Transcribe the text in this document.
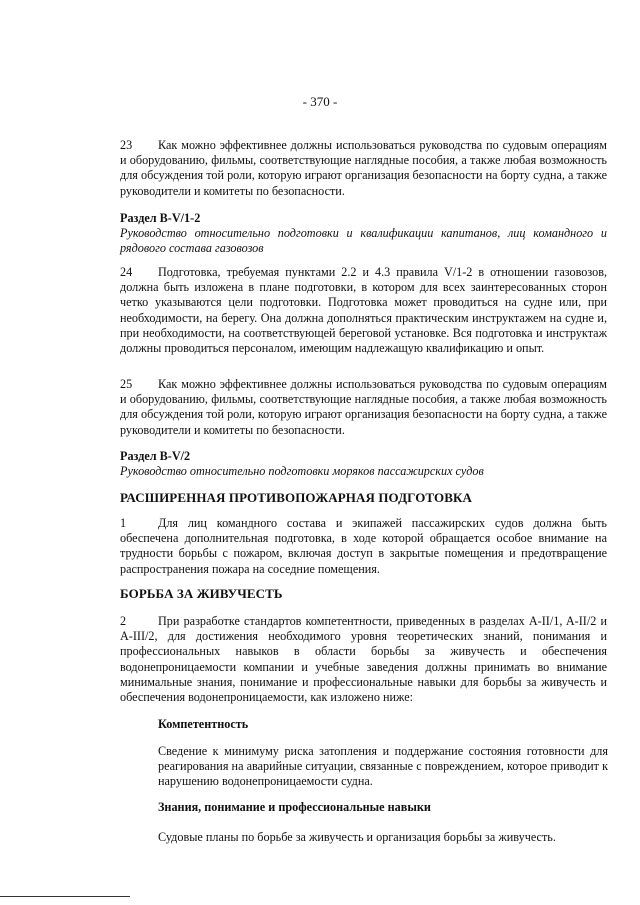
- 370 -
23 Как можно эффективнее должны использоваться руководства по судовым операциям и оборудованию, фильмы, соответствующие наглядные пособия, а также любая возможность для обсуждения той роли, которую играют организация безопасности на борту судна, а также руководители и комитеты по безопасности.
Раздел B-V/1-2
Руководство относительно подготовки и квалификации капитанов, лиц командного и рядового состава газовозов
24 Подготовка, требуемая пунктами 2.2 и 4.3 правила V/1-2 в отношении газовозов, должна быть изложена в плане подготовки, в котором для всех заинтересованных сторон четко указываются цели подготовки. Подготовка может проводиться на судне или, при необходимости, на берегу. Она должна дополняться практическим инструктажем на судне и, при необходимости, на соответствующей береговой установке. Вся подготовка и инструктаж должны проводиться персоналом, имеющим надлежащую квалификацию и опыт.
25 Как можно эффективнее должны использоваться руководства по судовым операциям и оборудованию, фильмы, соответствующие наглядные пособия, а также любая возможность для обсуждения той роли, которую играют организация безопасности на борту судна, а также руководители и комитеты по безопасности.
Раздел B-V/2
Руководство относительно подготовки моряков пассажирских судов
РАСШИРЕННАЯ ПРОТИВОПОЖАРНАЯ ПОДГОТОВКА
1	Для лиц командного состава и экипажей пассажирских судов должна быть обеспечена дополнительная подготовка, в ходе которой обращается особое внимание на трудности борьбы с пожаром, включая доступ в закрытые помещения и предотвращение распространения пожара на соседние помещения.
БОРЬБА ЗА ЖИВУЧЕСТЬ
2	При разработке стандартов компетентности, приведенных в разделах A-II/1, A-II/2 и A-III/2, для достижения необходимого уровня теоретических знаний, понимания и профессиональных навыков в области борьбы за живучесть и обеспечения водонепроницаемости компании и учебные заведения должны принимать во внимание минимальные знания, понимание и профессиональные навыки для борьбы за живучесть и обеспечения водонепроницаемости, как изложено ниже:
Компетентность
Сведение к минимуму риска затопления и поддержание состояния готовности для реагирования на аварийные ситуации, связанные с повреждением, которое приводит к нарушению водонепроницаемости судна.
Знания, понимание и профессиональные навыки
Судовые планы по борьбе за живучесть и организация борьбы за живучесть.
